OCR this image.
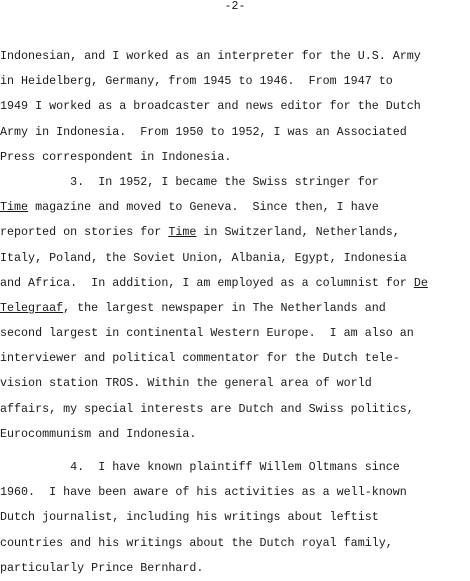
-2-
Indonesian, and I worked as an interpreter for the U.S. Army
in Heidelberg, Germany, from 1945 to 1946.  From 1947 to
1949 I worked as a broadcaster and news editor for the Dutch
Army in Indonesia.  From 1950 to 1952, I was an Associated
Press correspondent in Indonesia.
3.  In 1952, I became the Swiss stringer for
Time magazine and moved to Geneva.  Since then, I have
reported on stories for Time in Switzerland, Netherlands,
Italy, Poland, the Soviet Union, Albania, Egypt, Indonesia
and Africa.  In addition, I am employed as a columnist for De
Telegraaf, the largest newspaper in The Netherlands and
second largest in continental Western Europe.  I am also an
interviewer and political commentator for the Dutch tele-
vision station TROS. Within the general area of world
affairs, my special interests are Dutch and Swiss politics,
Eurocommunism and Indonesia.
4.  I have known plaintiff Willem Oltmans since
1960.  I have been aware of his activities as a well-known
Dutch journalist, including his writings about leftist
countries and his writings about the Dutch royal family,
particularly Prince Bernhard.
